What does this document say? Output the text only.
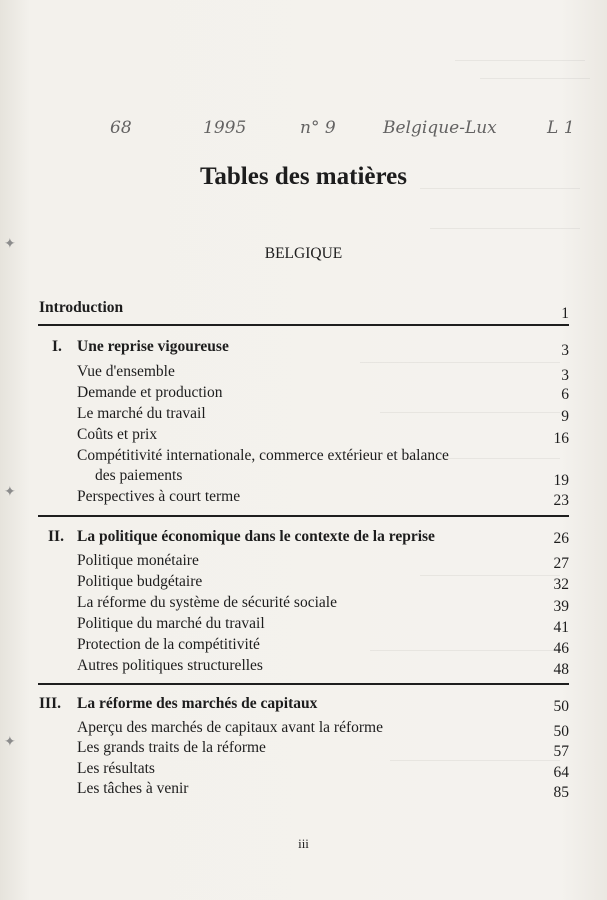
✦
✦
✦
68	1995	n° 9	Belgique-Lux	L 1
Tables des matières
BELGIQUE
Introduction	1
I. Une reprise vigoureuse	3
Vue d'ensemble	3
Demande et production	6
Le marché du travail	9
Coûts et prix	16
Compétitivité internationale, commerce extérieur et balance
des paiements	19
Perspectives à court terme	23
II. La politique économique dans le contexte de la reprise	26
Politique monétaire	27
Politique budgétaire	32
La réforme du système de sécurité sociale	39
Politique du marché du travail	41
Protection de la compétitivité	46
Autres politiques structurelles	48
III. La réforme des marchés de capitaux	50
Aperçu des marchés de capitaux avant la réforme	50
Les grands traits de la réforme	57
Les résultats	64
Les tâches à venir	85
iii
